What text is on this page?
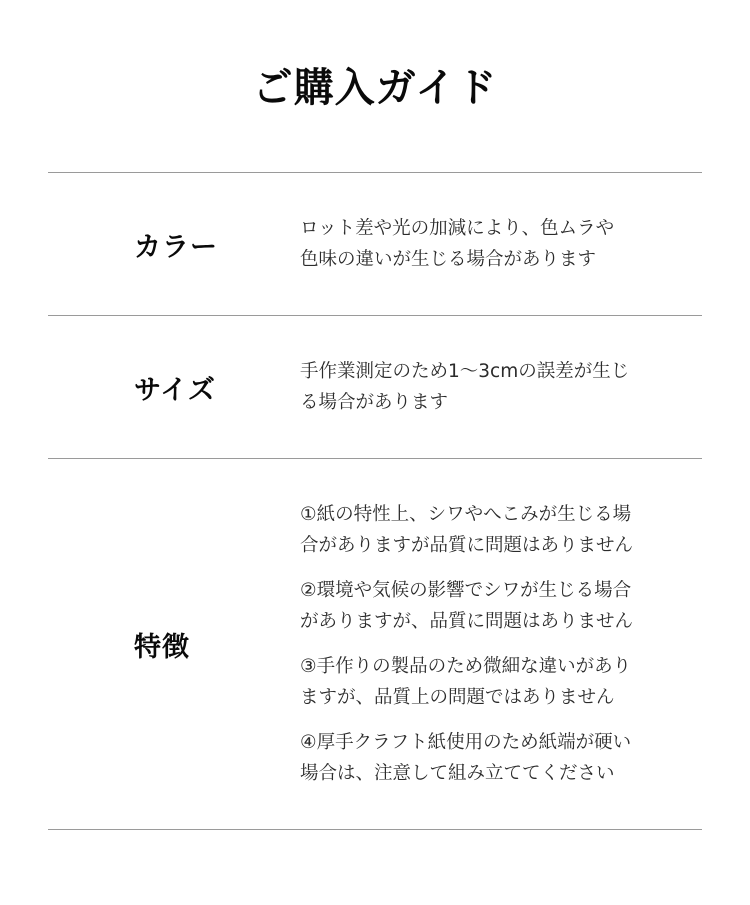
ご購入ガイド
カラー
ロット差や光の加減により、色ムラや
色味の違いが生じる場合があります
サイズ
手作業測定のため1～3cmの誤差が生じ
る場合があります
特徴
①紙の特性上、シワやへこみが生じる場
合がありますが品質に問題はありません
②環境や気候の影響でシワが生じる場合
がありますが、品質に問題はありません
③手作りの製品のため微細な違いがあり
ますが、品質上の問題ではありません
④厚手クラフト紙使用のため紙端が硬い
場合は、注意して組み立ててください
